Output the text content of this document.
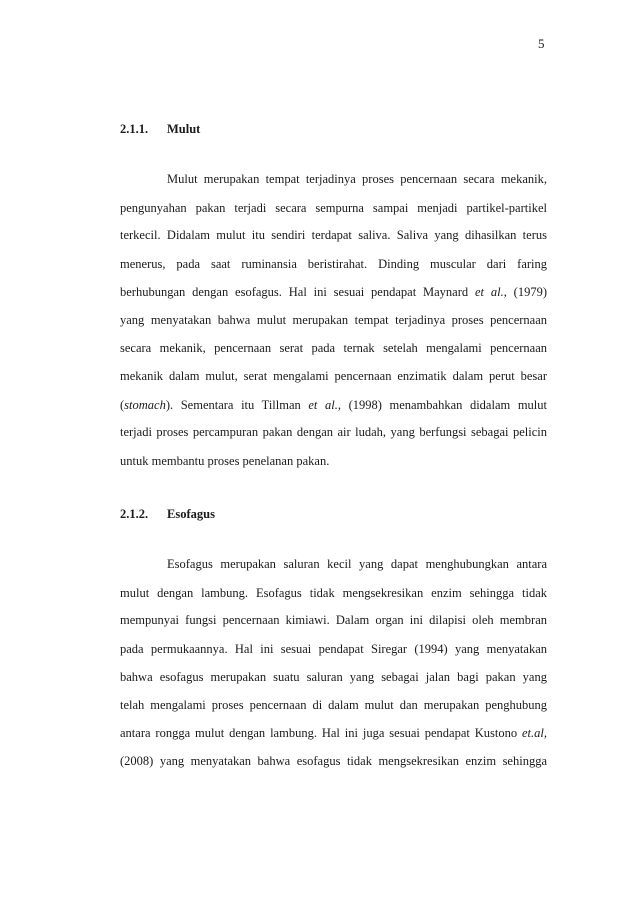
5
2.1.1. Mulut
Mulut merupakan tempat terjadinya proses pencernaan secara mekanik,
pengunyahan pakan terjadi secara sempurna sampai menjadi partikel-partikel
terkecil. Didalam mulut itu sendiri terdapat saliva. Saliva yang dihasilkan terus
menerus, pada saat ruminansia beristirahat. Dinding muscular dari faring
berhubungan dengan esofagus. Hal ini sesuai pendapat Maynard et al., (1979)
yang menyatakan bahwa mulut merupakan tempat terjadinya proses pencernaan
secara mekanik, pencernaan serat pada ternak setelah mengalami pencernaan
mekanik dalam mulut, serat mengalami pencernaan enzimatik dalam perut besar
(stomach). Sementara itu Tillman et al., (1998) menambahkan didalam mulut
terjadi proses percampuran pakan dengan air ludah, yang berfungsi sebagai pelicin
untuk membantu proses penelanan pakan.
2.1.2. Esofagus
Esofagus merupakan saluran kecil yang dapat menghubungkan antara
mulut dengan lambung. Esofagus tidak mengsekresikan enzim sehingga tidak
mempunyai fungsi pencernaan kimiawi. Dalam organ ini dilapisi oleh membran
pada permukaannya. Hal ini sesuai pendapat Siregar (1994) yang menyatakan
bahwa esofagus merupakan suatu saluran yang sebagai jalan bagi pakan yang
telah mengalami proses pencernaan di dalam mulut dan merupakan penghubung
antara rongga mulut dengan lambung. Hal ini juga sesuai pendapat Kustono et.al,
(2008) yang menyatakan bahwa esofagus tidak mengsekresikan enzim sehingga
